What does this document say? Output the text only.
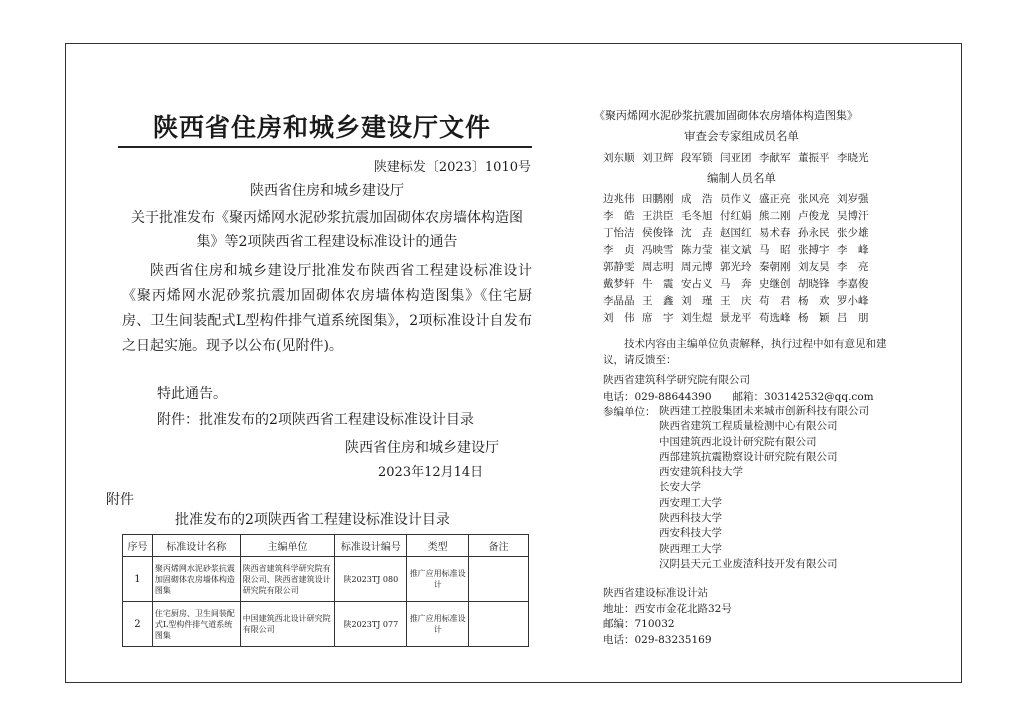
陕西省住房和城乡建设厅文件
陕建标发〔2023〕1010号
陕西省住房和城乡建设厅
关于批准发布《聚丙烯网水泥砂浆抗震加固砌体农房墙体构造图集》等2项陕西省工程建设标准设计的通告
陕西省住房和城乡建设厅批准发布陕西省工程建设标准设计《聚丙烯网水泥砂浆抗震加固砌体农房墙体构造图集》《住宅厨房、卫生间装配式L型构件排气道系统图集》，2项标准设计自发布之日起实施。现予以公布(见附件)。
特此通告。
附件：批准发布的2项陕西省工程建设标准设计目录
陕西省住房和城乡建设厅
2023年12月14日
附件
批准发布的2项陕西省工程建设标准设计目录
序号	标准设计名称	主编单位	标准设计编号	类型	备注
1	聚丙烯网水泥砂浆抗震加固砌体农房墙体构造图集	陕西省建筑科学研究院有限公司、陕西省建筑设计研究院有限公司	陕2023TJ 080	推广应用标准设计	
2	住宅厨房、卫生间装配式L型构件排气道系统图集	中国建筑西北设计研究院有限公司	陕2023TJ 077	推广应用标准设计	
《聚丙烯网水泥砂浆抗震加固砌体农房墙体构造图集》
审查会专家组成员名单
刘东顺 刘卫辉 段军锁 闫亚团 李献军 董振平 李晓光
编制人员名单
边兆伟 田鹏刚 成　浩 员作义 盛正亮 张风亮 刘岁强
李　皓 王洪臣 毛冬旭 付红娟 熊二刚 卢俊龙 吴博汗
丁怡洁 侯俊锋 沈　垚 赵国红 易术春 孙永民 张少雄
李　贞 冯映雪 陈力莹 崔文斌 马　昭 张搏宇 李　峰
郭静雯 周志明 周元博 郭光玲 秦朝刚 刘友昊 李　亮
戴梦轩 牛　震 安占义 马　奔 史继创 胡晓锋 李嘉俊
李晶晶 王　鑫 刘　瑾 王　庆 苟　君 杨　欢 罗小峰
刘　伟 席　宇 刘生煜 景龙平 苟选峰 杨　颖 吕　朋
技术内容由主编单位负责解释，执行过程中如有意见和建议，请反馈至：
陕西省建筑科学研究院有限公司
电话：029-88644390　　邮箱：303142532@qq.com
参编单位： 陕西建工控股集团未来城市创新科技有限公司
陕西省建筑工程质量检测中心有限公司
中国建筑西北设计研究院有限公司
西部建筑抗震勘察设计研究院有限公司
西安建筑科技大学
长安大学
西安理工大学
陕西科技大学
西安科技大学
陕西理工大学
汉阴县天元工业废渣科技开发有限公司
陕西省建设标准设计站
地址：西安市金花北路32号
邮编：710032
电话：029-83235169
